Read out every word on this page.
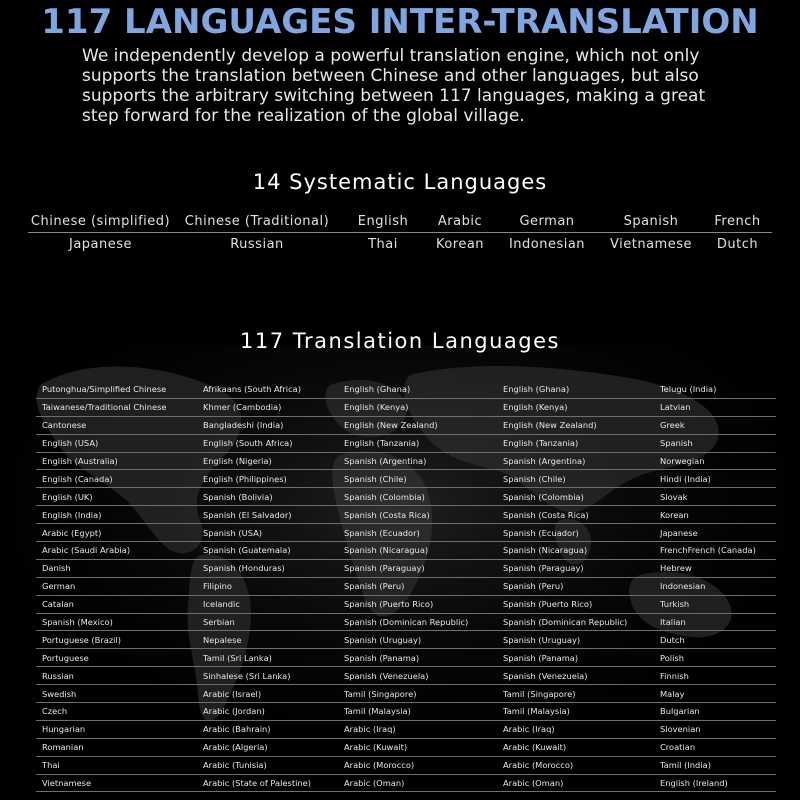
117 LANGUAGES INTER-TRANSLATION
We independently develop a powerful translation engine, which not only supports the translation between Chinese and other languages, but also supports the arbitrary switching between 117 languages, making a great step forward for the realization of the global village.
14 Systematic Languages
Chinese (simplified)	Chinese (Traditional)	English	Arabic	German	Spanish	French
Japanese	Russian	Thai	Korean	Indonesian	Vietnamese	Dutch
117 Translation Languages
Putonghua/Simplified Chinese	Afrikaans (South Africa)	English (Ghana)	English (Ghana)	Telugu (India)
Taiwanese/Traditional Chinese	Khmer (Cambodia)	English (Kenya)	English (Kenya)	Latvian
Cantonese	Bangladeshi (India)	English (New Zealand)	English (New Zealand)	Greek
English (USA)	English (South Africa)	English (Tanzania)	English (Tanzania)	Spanish
English (Australia)	English (Nigeria)	Spanish (Argentina)	Spanish (Argentina)	Norwegian
English (Canada)	English (Philippines)	Spanish (Chile)	Spanish (Chile)	Hindi (India)
English (UK)	Spanish (Bolivia)	Spanish (Colombia)	Spanish (Colombia)	Slovak
English (India)	Spanish (El Salvador)	Spanish (Costa Rica)	Spanish (Costa Rica)	Korean
Arabic (Egypt)	Spanish (USA)	Spanish (Ecuador)	Spanish (Ecuador)	Japanese
Arabic (Saudi Arabia)	Spanish (Guatemala)	Spanish (Nicaragua)	Spanish (Nicaragua)	FrenchFrench (Canada)
Danish	Spanish (Honduras)	Spanish (Paraguay)	Spanish (Paraguay)	Hebrew
German	Filipino	Spanish (Peru)	Spanish (Peru)	Indonesian
Catalan	Icelandic	Spanish (Puerto Rico)	Spanish (Puerto Rico)	Turkish
Spanish (Mexico)	Serbian	Spanish (Dominican Republic)	Spanish (Dominican Republic)	Italian
Portuguese (Brazil)	Nepalese	Spanish (Uruguay)	Spanish (Uruguay)	Dutch
Portuguese	Tamil (Sri Lanka)	Spanish (Panama)	Spanish (Panama)	Polish
Russian	Sinhalese (Sri Lanka)	Spanish (Venezuela)	Spanish (Venezuela)	Finnish
Swedish	Arabic (Israel)	Tamil (Singapore)	Tamil (Singapore)	Malay
Czech	Arabic (Jordan)	Tamil (Malaysia)	Tamil (Malaysia)	Bulgarian
Hungarian	Arabic (Bahrain)	Arabic (Iraq)	Arabic (Iraq)	Slovenian
Romanian	Arabic (Algeria)	Arabic (Kuwait)	Arabic (Kuwait)	Croatian
Thai	Arabic (Tunisia)	Arabic (Morocco)	Arabic (Morocco)	Tamil (India)
Vietnamese	Arabic (State of Palestine)	Arabic (Oman)	Arabic (Oman)	English (Ireland)
